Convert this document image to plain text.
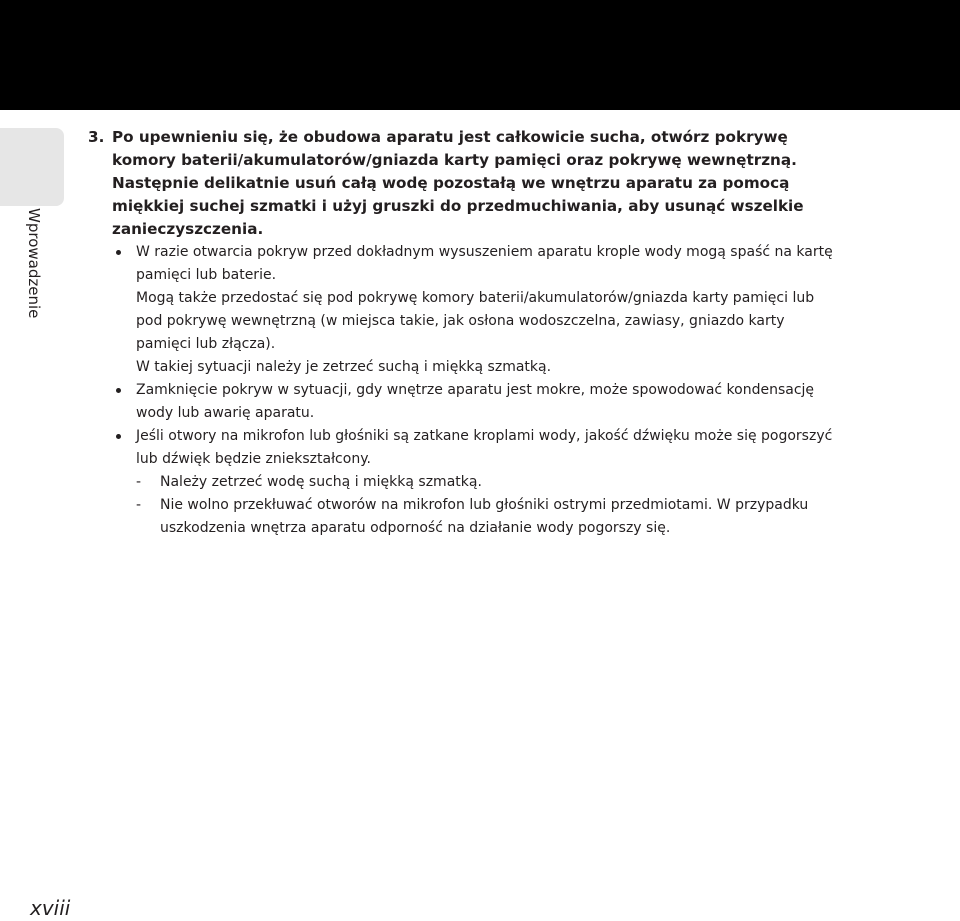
Wprowadzenie
3. Po upewnieniu się, że obudowa aparatu jest całkowicie sucha, otwórz pokrywę komory baterii/akumulatorów/gniazda karty pamięci oraz pokrywę wewnętrzną. Następnie delikatnie usuń całą wodę pozostałą we wnętrzu aparatu za pomocą miękkiej suchej szmatki i użyj gruszki do przedmuchiwania, aby usunąć wszelkie zanieczyszczenia.

W razie otwarcia pokryw przed dokładnym wysuszeniem aparatu krople wody mogą spaść na kartę pamięci lub baterie.

Mogą także przedostać się pod pokrywę komory baterii/akumulatorów/gniazda karty pamięci lub pod pokrywę wewnętrzną (w miejsca takie, jak osłona wodoszczelna, zawiasy, gniazdo karty pamięci lub złącza).

W takiej sytuacji należy je zetrzeć suchą i miękką szmatką.

Zamknięcie pokryw w sytuacji, gdy wnętrze aparatu jest mokre, może spowodować kondensację wody lub awarię aparatu.

Jeśli otwory na mikrofon lub głośniki są zatkane kroplami wody, jakość dźwięku może się pogorszyć lub dźwięk będzie zniekształcony.

-	Należy zetrzeć wodę suchą i miękką szmatką.
-	Nie wolno przekłuwać otworów na mikrofon lub głośniki ostrymi przedmiotami. W przypadku uszkodzenia wnętrza aparatu odporność na działanie wody pogorszy się.
xviii
